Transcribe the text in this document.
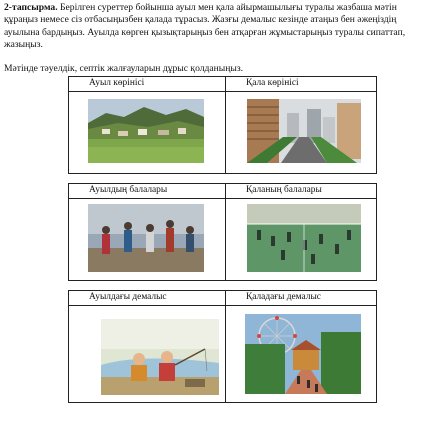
2-тапсырма. Берілген суреттер бойынша ауыл мен қала айырмашылығы туралы жазбаша мәтін құраңыз немесе сіз отбасыңызбен қалада тұрасыз. Жазғы демалыс кезінде атаңыз бен әжеңіздің ауылына бардыңыз. Ауылда көрген қызықтарыңыз бен атқарған жұмыстарыңыз туралы сипаттап, жазыңыз.

Мәтінде тәуелдік, септік жалғауларын дұрыс қолданыңыз.

Ауыл көрінісі	Қала көрінісі

Ауылдың балалары	Қаланың балалары

Ауылдағы демалыс	Қаладағы демалыс
